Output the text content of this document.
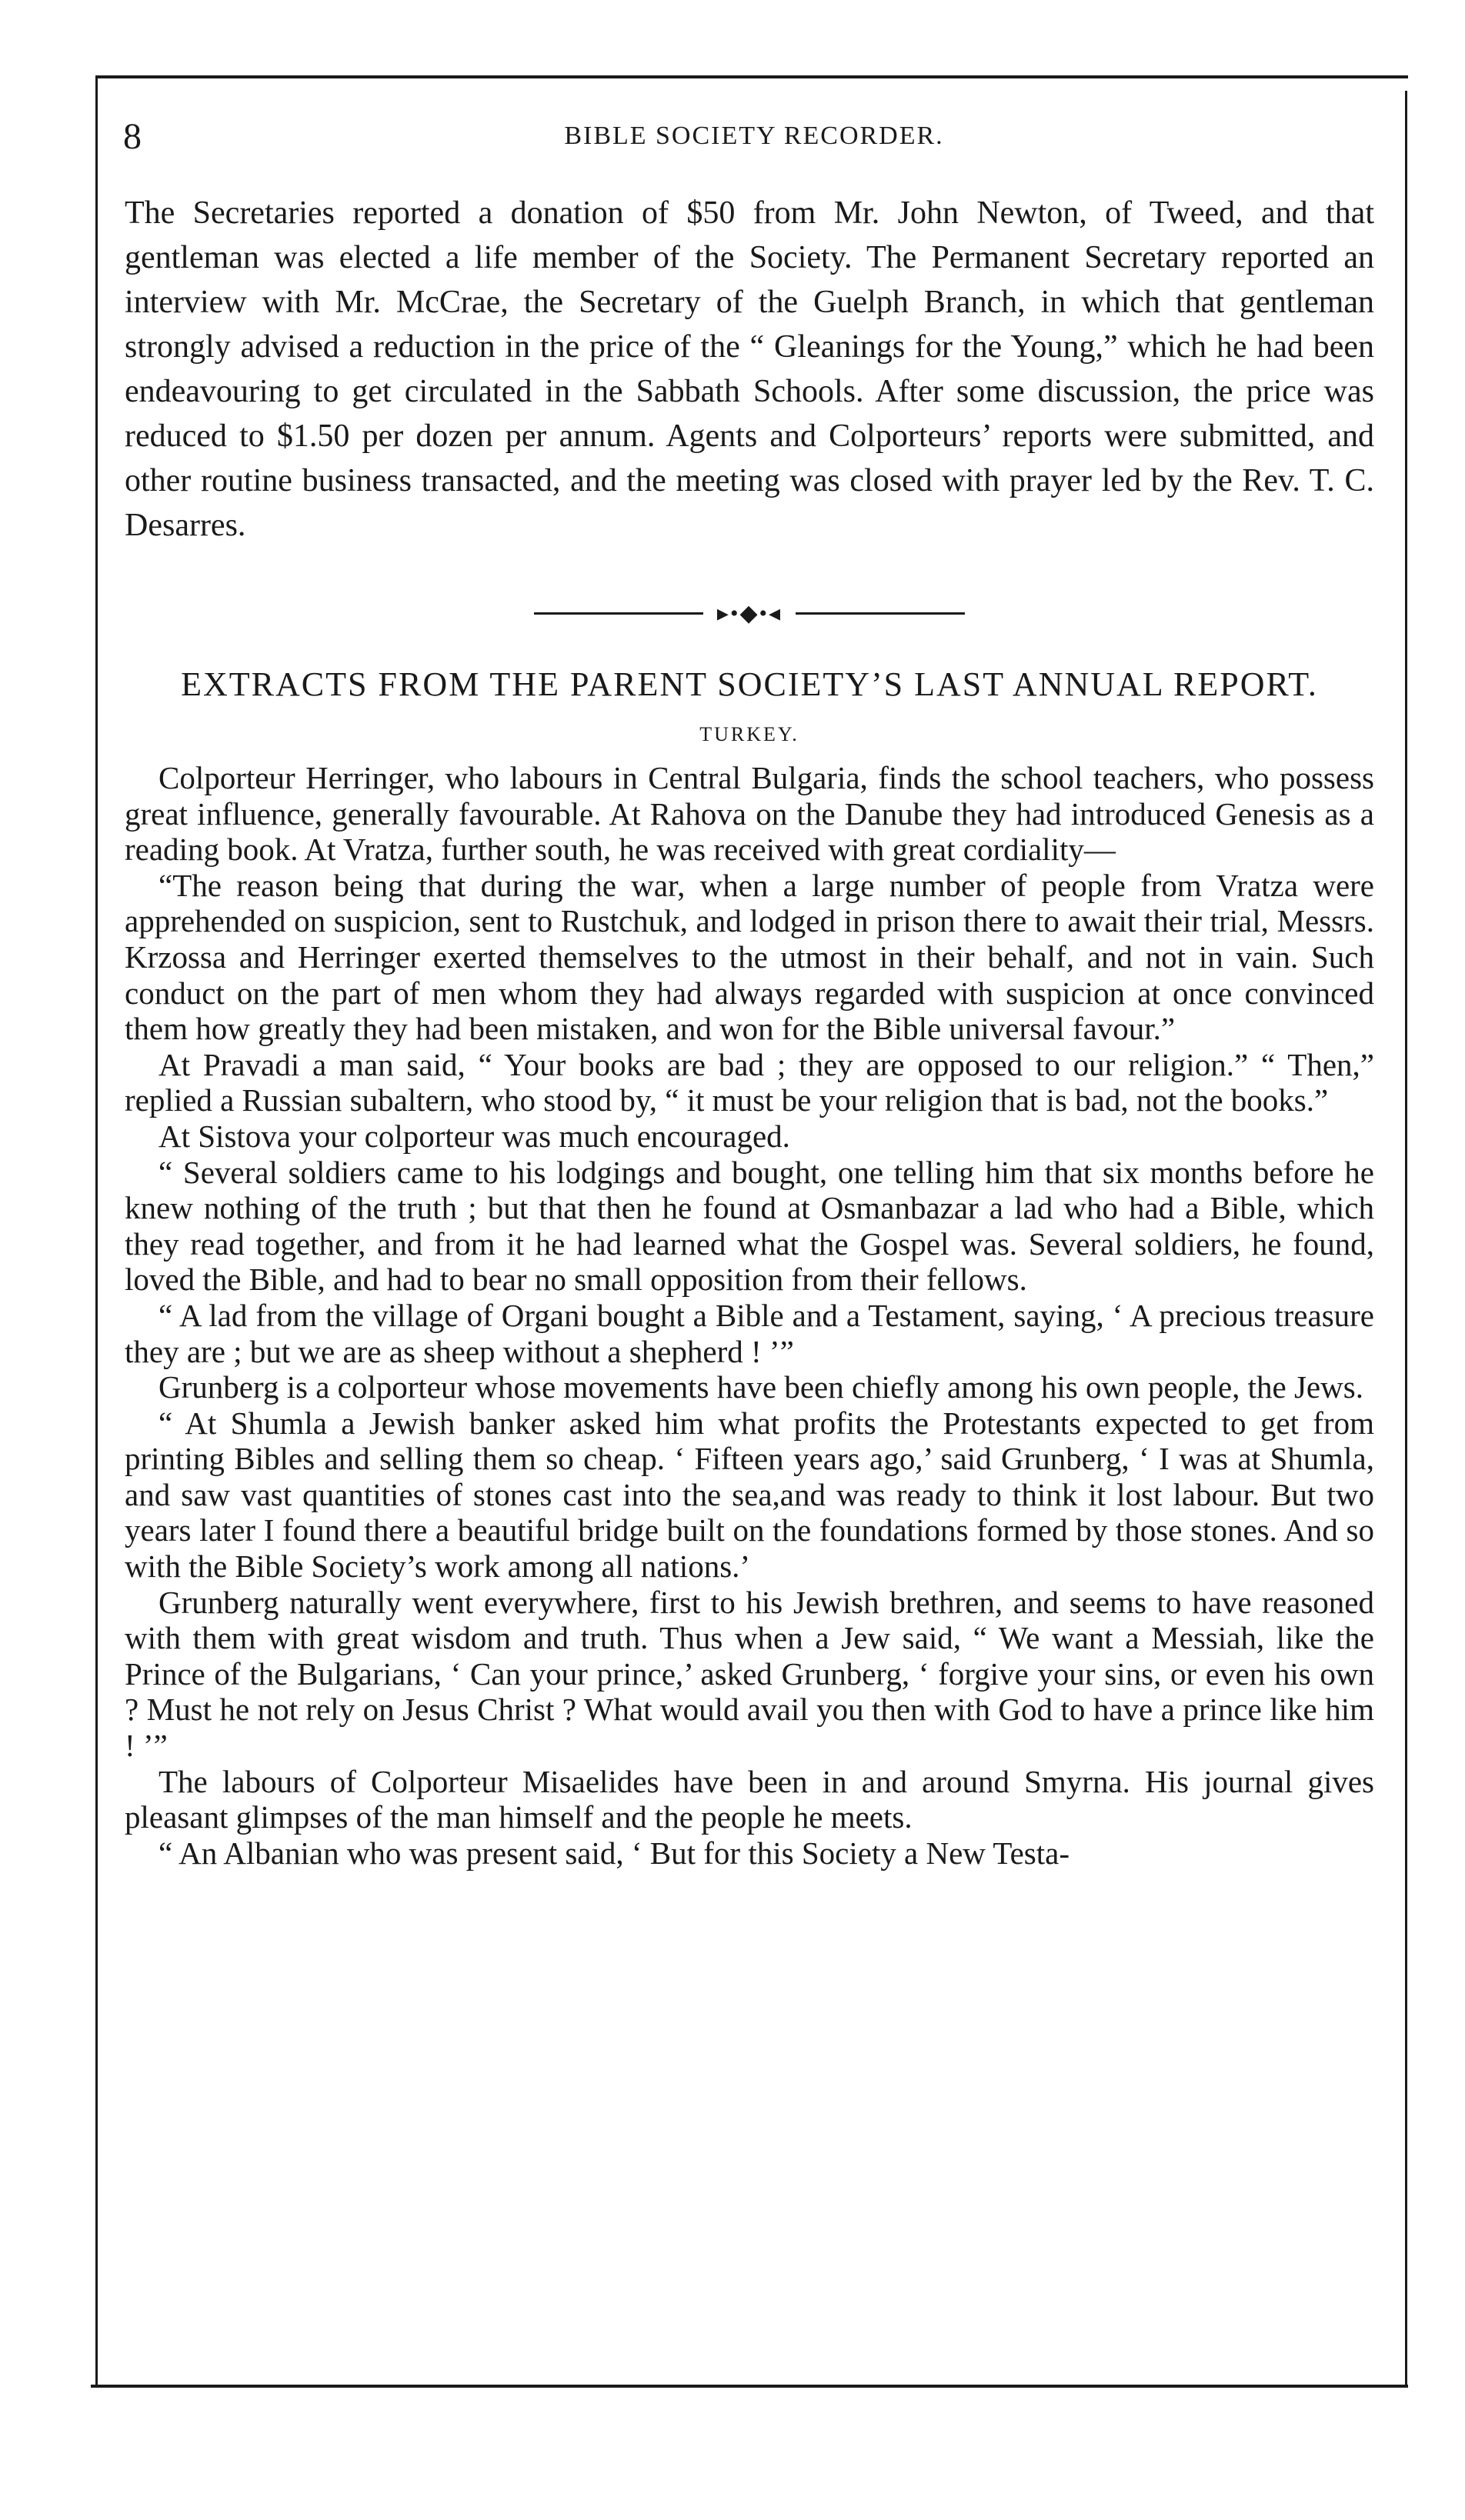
8	BIBLE SOCIETY RECORDER.

The Secretaries reported a donation of $50 from Mr. John Newton, of Tweed, and that gentleman was elected a life member of the Society. The Permanent Secretary reported an interview with Mr. McCrae, the Secretary of the Guelph Branch, in which that gentleman strongly advised a reduction in the price of the “ Gleanings for the Young,” which he had been endeavouring to get circulated in the Sabbath Schools. After some discussion, the price was reduced to $1.50 per dozen per annum. Agents and Colporteurs’ reports were submitted, and other routine business transacted, and the meeting was closed with prayer led by the Rev. T. C. Desarres.

▸•◆•◂
EXTRACTS FROM THE PARENT SOCIETY’S LAST ANNUAL REPORT.
TURKEY.

Colporteur Herringer, who labours in Central Bulgaria, finds the school teachers, who possess great influence, generally favourable. At Rahova on the Danube they had introduced Genesis as a reading book. At Vratza, further south, he was received with great cordiality—

“The reason being that during the war, when a large number of people from Vratza were apprehended on suspicion, sent to Rustchuk, and lodged in prison there to await their trial, Messrs. Krzossa and Herringer exerted themselves to the utmost in their behalf, and not in vain. Such conduct on the part of men whom they had always regarded with suspicion at once convinced them how greatly they had been mistaken, and won for the Bible universal favour.”

At Pravadi a man said, “ Your books are bad ; they are opposed to our religion.” “ Then,” replied a Russian subaltern, who stood by, “ it must be your religion that is bad, not the books.”

At Sistova your colporteur was much encouraged.

“ Several soldiers came to his lodgings and bought, one telling him that six months before he knew nothing of the truth ; but that then he found at Osmanbazar a lad who had a Bible, which they read together, and from it he had learned what the Gospel was. Several soldiers, he found, loved the Bible, and had to bear no small opposition from their fellows.

“ A lad from the village of Organi bought a Bible and a Testament, saying, ‘ A precious treasure they are ; but we are as sheep without a shepherd ! ’”

Grunberg is a colporteur whose movements have been chiefly among his own people, the Jews.

“ At Shumla a Jewish banker asked him what profits the Protestants expected to get from printing Bibles and selling them so cheap. ‘ Fifteen years ago,’ said Grunberg, ‘ I was at Shumla, and saw vast quantities of stones cast into the sea,and was ready to think it lost labour. But two years later I found there a beautiful bridge built on the foundations formed by those stones. And so with the Bible Society’s work among all nations.’

Grunberg naturally went everywhere, first to his Jewish brethren, and seems to have reasoned with them with great wisdom and truth. Thus when a Jew said, “ We want a Messiah, like the Prince of the Bulgarians, ‘ Can your prince,’ asked Grunberg, ‘ forgive your sins, or even his own ? Must he not rely on Jesus Christ ? What would avail you then with God to have a prince like him ! ’”

The labours of Colporteur Misaelides have been in and around Smyrna. His journal gives pleasant glimpses of the man himself and the people he meets.

“ An Albanian who was present said, ‘ But for this Society a New Testa-
